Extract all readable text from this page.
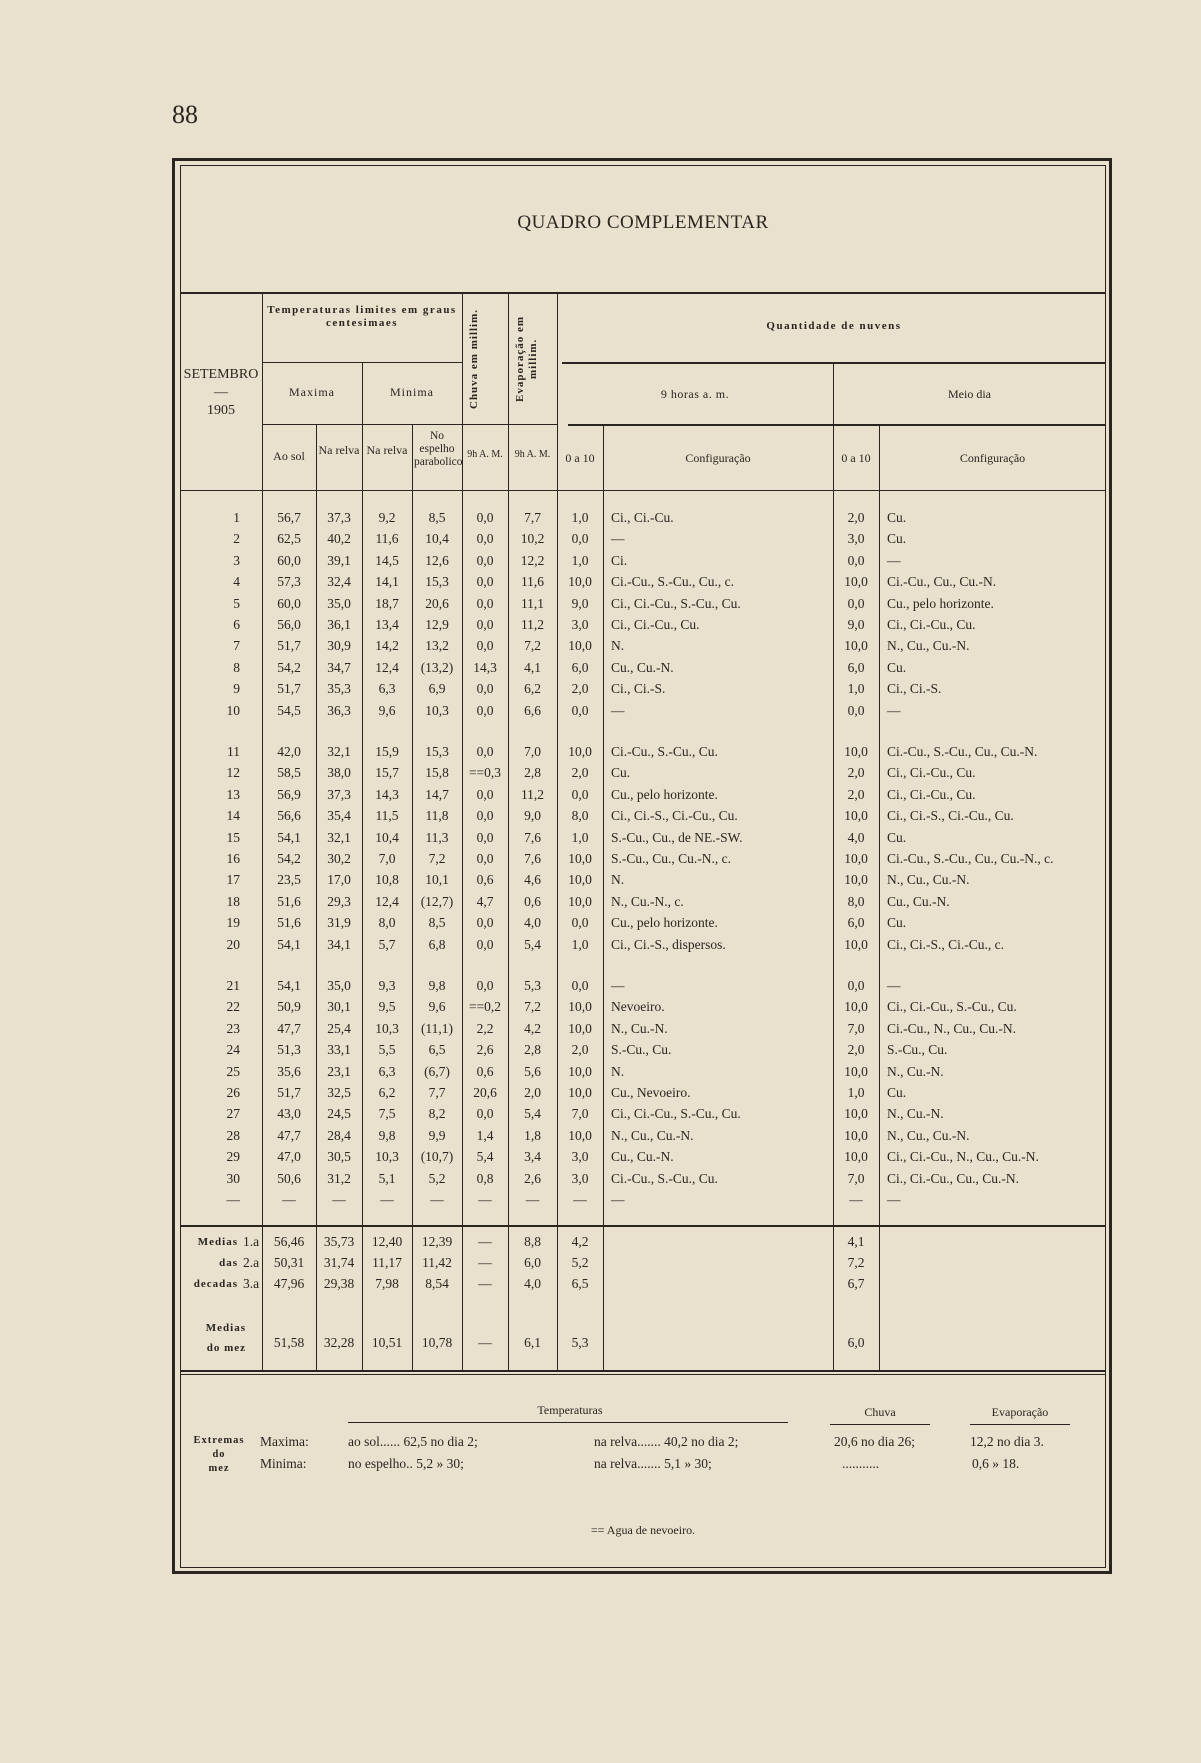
88
QUADRO COMPLEMENTAR
SETEMBRO
—
1905
Temperaturas limites em graus centesimaes
Maxima	Minima
Ao sol	Na relva Na relva
No espelho parabolico
Chuva em millim.	Evaporação em millim.
9h A. M.	9h A. M.
Quantidade de nuvens
9 horas a. m.	Meio dia
0 a 10	Configuração	0 a 10	Configuração
1	56,7	37,3	9,2	8,5	0,0	7,7	1,0	Ci., Ci.-Cu.	2,0	Cu.
2	62,5	40,2	11,6	10,4	0,0	10,2	0,0	—	3,0	Cu.
3	60,0	39,1	14,5	12,6	0,0	12,2	1,0	Ci.	0,0	—
4	57,3	32,4	14,1	15,3	0,0	11,6	10,0	Ci.-Cu., S.-Cu., Cu., c.	10,0	Ci.-Cu., Cu., Cu.-N.
5	60,0	35,0	18,7	20,6	0,0	11,1	9,0	Ci., Ci.-Cu., S.-Cu., Cu.	0,0	Cu., pelo horizonte.
6	56,0	36,1	13,4	12,9	0,0	11,2	3,0	Ci., Ci.-Cu., Cu.	9,0	Ci., Ci.-Cu., Cu.
7	51,7	30,9	14,2	13,2	0,0	7,2	10,0	N.	10,0	N., Cu., Cu.-N.
8	54,2	34,7	12,4	(13,2)	14,3	4,1	6,0	Cu., Cu.-N.	6,0	Cu.
9	51,7	35,3	6,3	6,9	0,0	6,2	2,0	Ci., Ci.-S.	1,0	Ci., Ci.-S.
10	54,5	36,3	9,6	10,3	0,0	6,6	0,0	—	0,0	—
11	42,0	32,1	15,9	15,3	0,0	7,0	10,0	Ci.-Cu., S.-Cu., Cu.	10,0	Ci.-Cu., S.-Cu., Cu., Cu.-N.
12	58,5	38,0	15,7	15,8	==0,3	2,8	2,0	Cu.	2,0	Ci., Ci.-Cu., Cu.
13	56,9	37,3	14,3	14,7	0,0	11,2	0,0	Cu., pelo horizonte.	2,0	Ci., Ci.-Cu., Cu.
14	56,6	35,4	11,5	11,8	0,0	9,0	8,0	Ci., Ci.-S., Ci.-Cu., Cu.	10,0	Ci., Ci.-S., Ci.-Cu., Cu.
15	54,1	32,1	10,4	11,3	0,0	7,6	1,0	S.-Cu., Cu., de NE.-SW.	4,0	Cu.
16	54,2	30,2	7,0	7,2	0,0	7,6	10,0	S.-Cu., Cu., Cu.-N., c.	10,0	Ci.-Cu., S.-Cu., Cu., Cu.-N., c.
17	23,5	17,0	10,8	10,1	0,6	4,6	10,0	N.	10,0	N., Cu., Cu.-N.
18	51,6	29,3	12,4	(12,7)	4,7	0,6	10,0	N., Cu.-N., c.	8,0	Cu., Cu.-N.
19	51,6	31,9	8,0	8,5	0,0	4,0	0,0	Cu., pelo horizonte.	6,0	Cu.
20	54,1	34,1	5,7	6,8	0,0	5,4	1,0	Ci., Ci.-S., dispersos.	10,0	Ci., Ci.-S., Ci.-Cu., c.
21	54,1	35,0	9,3	9,8	0,0	5,3	0,0	—	0,0	—
22	50,9	30,1	9,5	9,6	==0,2	7,2	10,0	Nevoeiro.	10,0	Ci., Ci.-Cu., S.-Cu., Cu.
23	47,7	25,4	10,3	(11,1)	2,2	4,2	10,0	N., Cu.-N.	7,0	Ci.-Cu., N., Cu., Cu.-N.
24	51,3	33,1	5,5	6,5	2,6	2,8	2,0	S.-Cu., Cu.	2,0	S.-Cu., Cu.
25	35,6	23,1	6,3	(6,7)	0,6	5,6	10,0	N.	10,0	N., Cu.-N.
26	51,7	32,5	6,2	7,7	20,6	2,0	10,0	Cu., Nevoeiro.	1,0	Cu.
27	43,0	24,5	7,5	8,2	0,0	5,4	7,0	Ci., Ci.-Cu., S.-Cu., Cu.	10,0	N., Cu.-N.
28	47,7	28,4	9,8	9,9	1,4	1,8	10,0	N., Cu., Cu.-N.	10,0	N., Cu., Cu.-N.
29	47,0	30,5	10,3	(10,7)	5,4	3,4	3,0	Cu., Cu.-N.	10,0	Ci., Ci.-Cu., N., Cu., Cu.-N.
30	50,6	31,2	5,1	5,2	0,8	2,6	3,0	Ci.-Cu., S.-Cu., Cu.	7,0	Ci., Ci.-Cu., Cu., Cu.-N.
—	—	—	—	—	—	—	—	—	—	—
Medias
das
decadas
Medias
do mez
1.a	56,46	35,73	12,40	12,39	—	8,8	4,2	4,1
2.a	50,31	31,74	11,17	11,42	—	6,0	5,2	7,2
3.a	47,96	29,38	7,98	8,54	—	4,0	6,5	6,7
51,58	32,28	10,51	10,78	—	6,1	5,3	6,0
Temperaturas	Chuva	Evaporação
Extremas
do
mez
Maxima:
Minima:
ao sol...... 62,5 no dia 2;	na relva....... 40,2 no dia 2;	20,6 no dia 26;	12,2 no dia 3.
no espelho.. 5,2 » 30;	na relva....... 5,1 » 30;	...........	0,6 » 18.
== Agua de nevoeiro.
